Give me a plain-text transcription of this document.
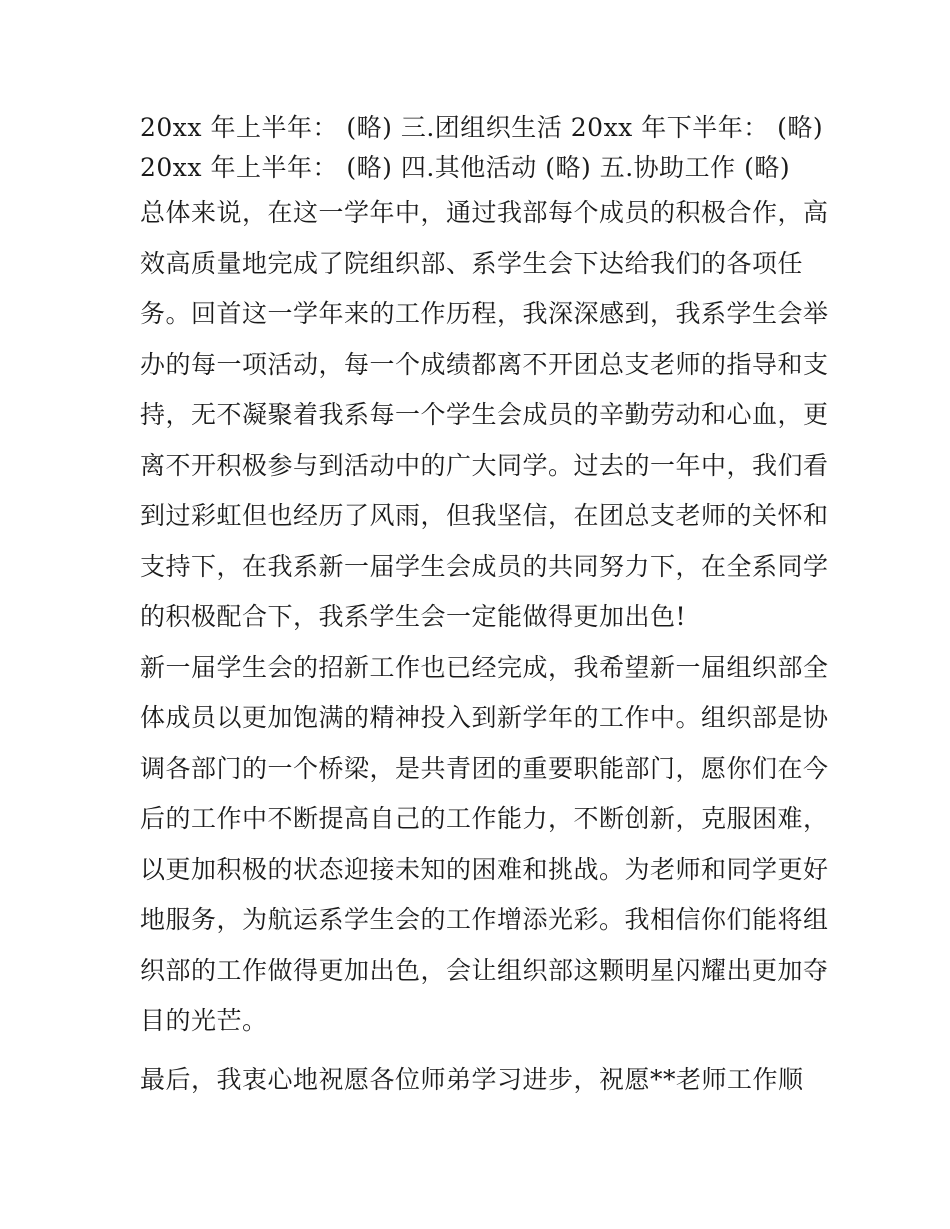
20xx 年上半年： (略) 三.团组织生活 20xx 年下半年： (略)
20xx 年上半年： (略) 四.其他活动 (略) 五.协助工作 (略)
总体来说，在这一学年中，通过我部每个成员的积极合作，高
效高质量地完成了院组织部、系学生会下达给我们的各项任
务。回首这一学年来的工作历程，我深深感到，我系学生会举
办的每一项活动，每一个成绩都离不开团总支老师的指导和支
持，无不凝聚着我系每一个学生会成员的辛勤劳动和心血，更
离不开积极参与到活动中的广大同学。过去的一年中，我们看
到过彩虹但也经历了风雨，但我坚信，在团总支老师的关怀和
支持下，在我系新一届学生会成员的共同努力下，在全系同学
的积极配合下，我系学生会一定能做得更加出色!
新一届学生会的招新工作也已经完成，我希望新一届组织部全
体成员以更加饱满的精神投入到新学年的工作中。组织部是协
调各部门的一个桥梁，是共青团的重要职能部门，愿你们在今
后的工作中不断提高自己的工作能力，不断创新，克服困难，
以更加积极的状态迎接未知的困难和挑战。为老师和同学更好
地服务，为航运系学生会的工作增添光彩。我相信你们能将组
织部的工作做得更加出色，会让组织部这颗明星闪耀出更加夺
目的光芒。
最后，我衷心地祝愿各位师弟学习进步，祝愿**老师工作顺
